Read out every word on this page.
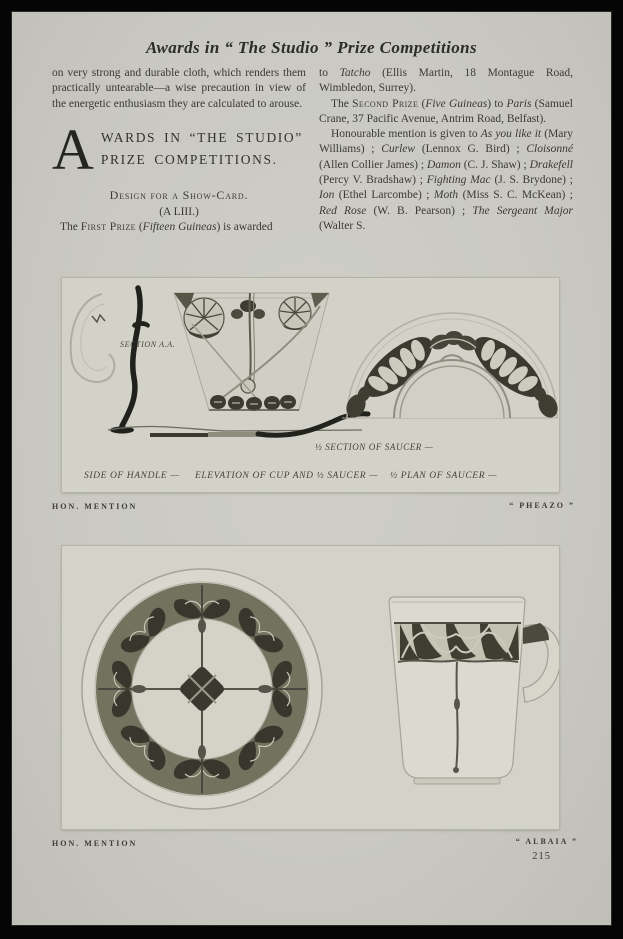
Awards in “ The Studio ” Prize Competitions

on very strong and durable cloth, which renders them practically untearable—a wise precaution in view of the energetic enthusiasm they are calculated to arouse.

A WARDS IN “THE STUDIO”
PRIZE COMPETITIONS.
Design for a Show-Card.
(A LIII.)

The First Prize (Fifteen Guineas) is awarded

to Tatcho (Ellis Martin, 18 Montague Road, Wimbledon, Surrey).

The Second Prize (Five Guineas) to Paris (Samuel Crane, 37 Pacific Avenue, Antrim Road, Belfast).

Honourable mention is given to As you like it (Mary Williams) ; Curlew (Lennox G. Bird) ; Cloisonné (Allen Collier James) ; Damon (C. J. Shaw) ; Drakefell (Percy V. Bradshaw) ; Fighting Mac (J. S. Brydone) ; Ion (Ethel Larcombe) ; Moth (Miss S. C. McKean) ; Red Rose (W. B. Pearson) ; The Sergeant Major (Walter S.

SECTION A.A.
½ SECTION OF SAUCER —
SIDE OF HANDLE — ELEVATION OF CUP AND ½ SAUCER — ½ PLAN OF SAUCER —
HON. MENTION	“ PHEAZO ”
HON. MENTION	“ ALBAIA ”
215
